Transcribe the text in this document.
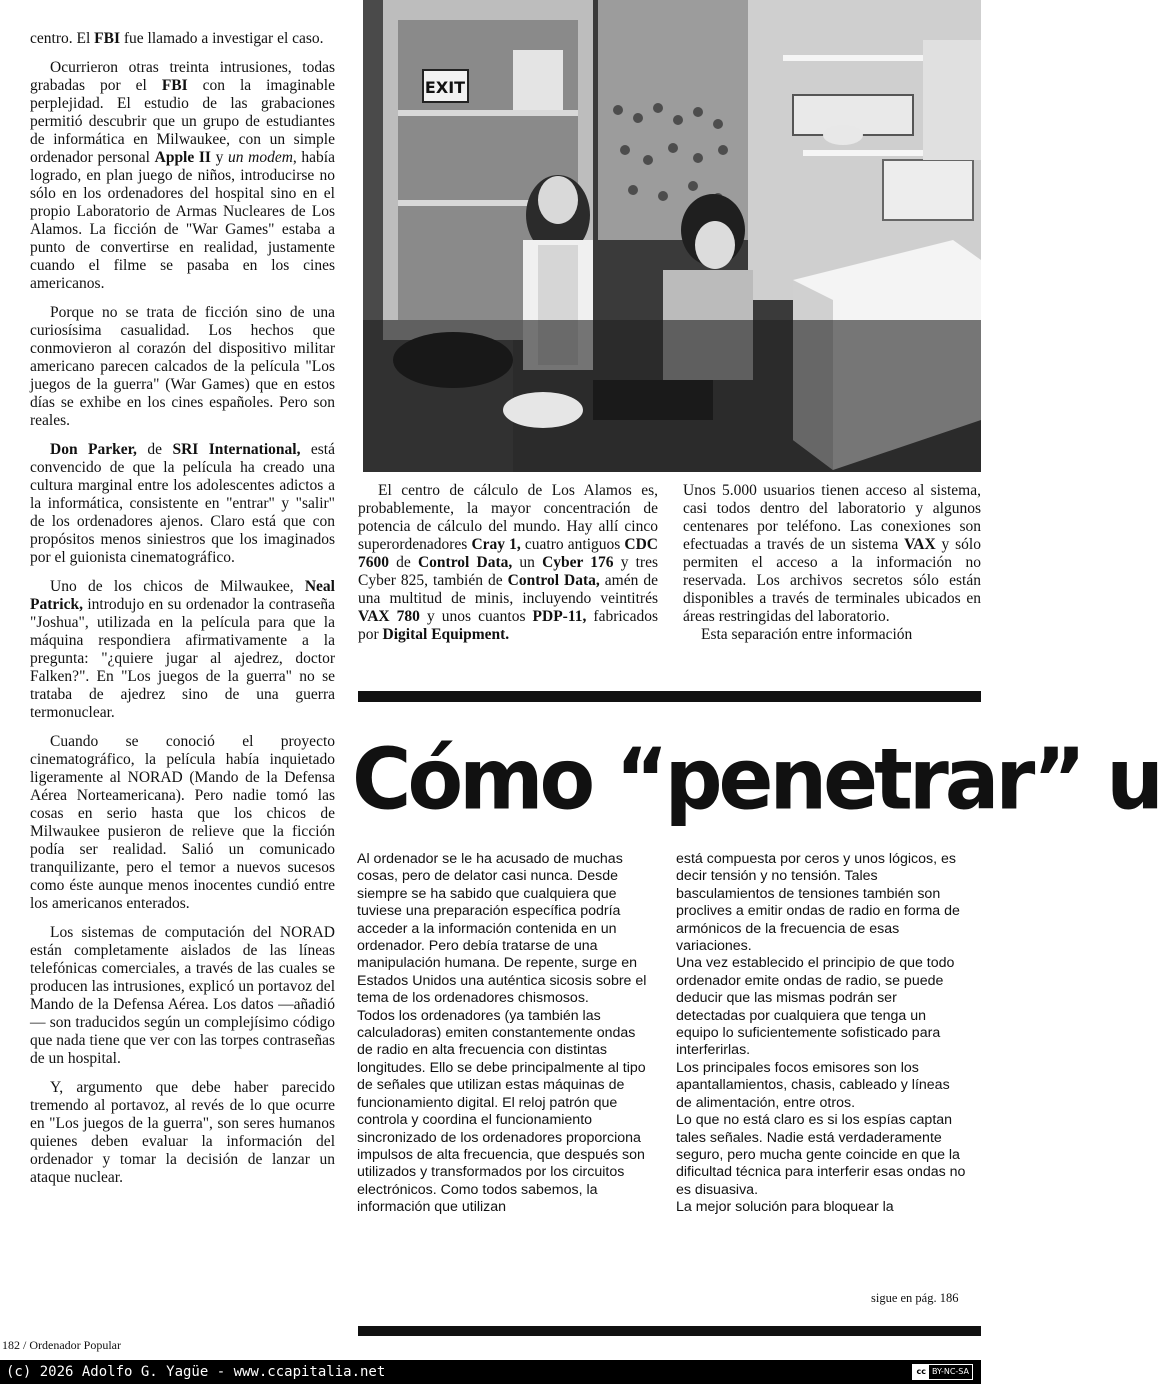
centro. El FBI fue llamado a investigar el caso.

Ocurrieron otras treinta intrusiones, todas grabadas por el FBI con la imaginable perplejidad. El estudio de las grabaciones permitió descubrir que un grupo de estudiantes de informática en Milwaukee, con un simple ordenador personal Apple II y un modem, había logrado, en plan juego de niños, introducirse no sólo en los ordenadores del hospital sino en el propio Laboratorio de Armas Nucleares de Los Alamos. La ficción de "War Games" estaba a punto de convertirse en realidad, justamente cuando el filme se pasaba en los cines americanos.

Porque no se trata de ficción sino de una curiosísima casualidad. Los hechos que conmovieron al corazón del dispositivo militar americano parecen calcados de la película "Los juegos de la guerra" (War Games) que en estos días se exhibe en los cines españoles. Pero son reales.

Don Parker, de SRI International, está convencido de que la película ha creado una cultura marginal entre los adolescentes adictos a la informática, consistente en "entrar" y "salir" de los ordenadores ajenos. Claro está que con propósitos menos siniestros que los imaginados por el guionista cinematográfico.

Uno de los chicos de Milwaukee, Neal Patrick, introdujo en su ordenador la contraseña "Joshua", utilizada en la película para que la máquina respondiera afirmativamente a la pregunta: "¿quiere jugar al ajedrez, doctor Falken?". En "Los juegos de la guerra" no se trataba de ajedrez sino de una guerra termonuclear.

Cuando se conoció el proyecto cinematográfico, la película había inquietado ligeramente al NORAD (Mando de la Defensa Aérea Norteamericana). Pero nadie tomó las cosas en serio hasta que los chicos de Milwaukee pusieron de relieve que la ficción podía ser realidad. Salió un comunicado tranquilizante, pero el temor a nuevos sucesos como éste aunque menos inocentes cundió entre los americanos enterados.

Los sistemas de computación del NORAD están completamente aislados de las líneas telefónicas comerciales, a través de las cuales se producen las intrusiones, explicó un portavoz del Mando de la Defensa Aérea. Los datos —añadió— son traducidos según un complejísimo código que nada tiene que ver con las torpes contraseñas de un hospital.

Y, argumento que debe haber parecido tremendo al portavoz, al revés de lo que ocurre en "Los juegos de la guerra", son seres humanos quienes deben evaluar la información del ordenador y tomar la decisión de lanzar un ataque nuclear.

EXIT

El centro de cálculo de Los Alamos es, probablemente, la mayor concentración de potencia de cálculo del mundo. Hay allí cinco superordenadores Cray 1, cuatro antiguos CDC 7600 de Control Data, un Cyber 176 y tres Cyber 825, también de Control Data, amén de una multitud de minis, incluyendo veintitrés VAX 780 y unos cuantos PDP-11, fabricados por Digital Equipment.

Unos 5.000 usuarios tienen acceso al sistema, casi todos dentro del laboratorio y algunos centenares por teléfono. Las conexiones son efectuadas a través de un sistema VAX y sólo permiten el acceso a la información no reservada. Los archivos secretos sólo están disponibles a través de terminales ubicados en áreas restringidas del laboratorio.

Esta separación entre información

Cómo “penetrar” u

Al ordenador se le ha acusado de muchas cosas, pero de delator casi nunca. Desde siempre se ha sabido que cualquiera que tuviese una preparación específica podría acceder a la información contenida en un ordenador. Pero debía tratarse de una manipulación humana. De repente, surge en Estados Unidos una auténtica sicosis sobre el tema de los ordenadores chismosos.

Todos los ordenadores (ya también las calculadoras) emiten constantemente ondas de radio en alta frecuencia con distintas longitudes. Ello se debe principalmente al tipo de señales que utilizan estas máquinas de funcionamiento digital. El reloj patrón que controla y coordina el funcionamiento sincronizado de los ordenadores proporciona impulsos de alta frecuencia, que después son utilizados y transformados por los circuitos electrónicos. Como todos sabemos, la información que utilizan

está compuesta por ceros y unos lógicos, es decir tensión y no tensión. Tales basculamientos de tensiones también son proclives a emitir ondas de radio en forma de armónicos de la frecuencia de esas variaciones.

Una vez establecido el principio de que todo ordenador emite ondas de radio, se puede deducir que las mismas podrán ser detectadas por cualquiera que tenga un equipo lo suficientemente sofisticado para interferirlas.

Los principales focos emisores son los apantallamientos, chasis, cableado y líneas de alimentación, entre otros.

Lo que no está claro es si los espías captan tales señales. Nadie está verdaderamente seguro, pero mucha gente coincide en que la dificultad técnica para interferir esas ondas no es disuasiva.

La mejor solución para bloquear la

sigue en pág. 186
182 / Ordenador Popular
(c) 2026 Adolfo G. Yagüe - www.ccapitalia.net	cc BY-NC-SA
